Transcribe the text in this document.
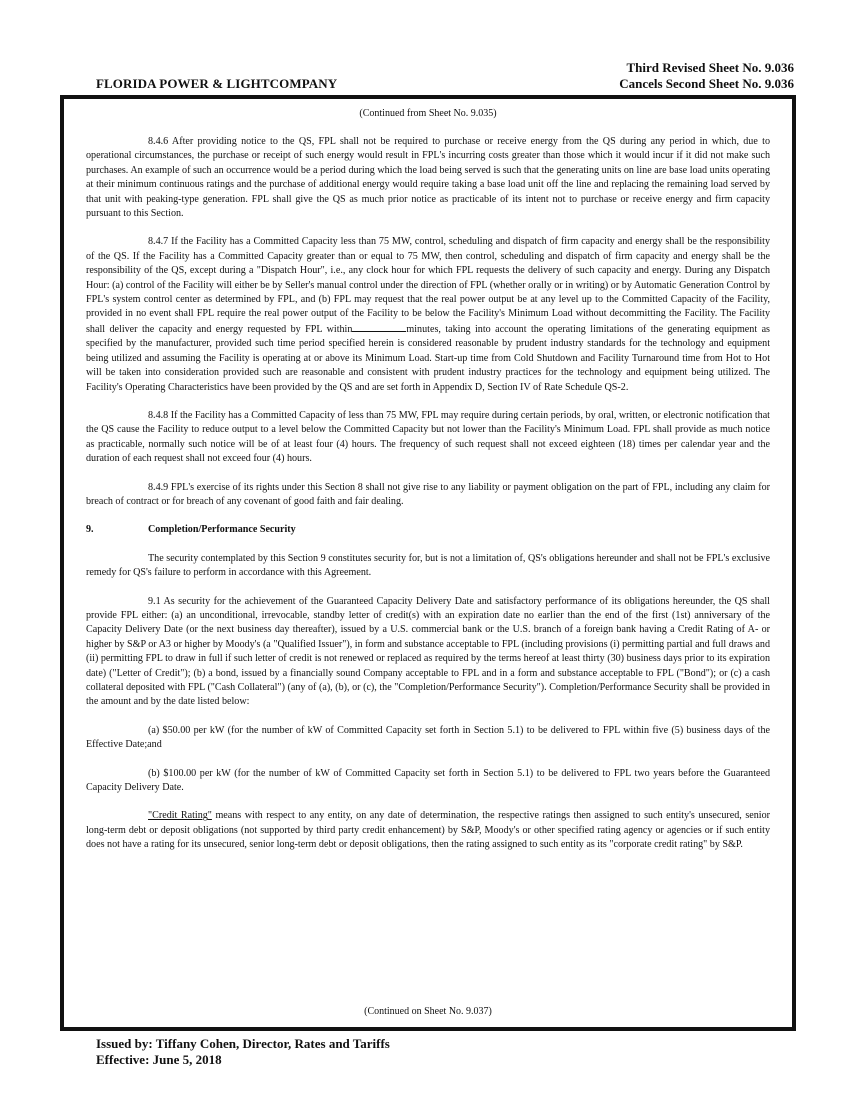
Third Revised Sheet No. 9.036
Cancels Second Sheet No. 9.036
FLORIDA POWER & LIGHTCOMPANY
(Continued from Sheet No. 9.035)

8.4.6 After providing notice to the QS, FPL shall not be required to purchase or receive energy from the QS during any period in which, due to operational circumstances, the purchase or receipt of such energy would result in FPL's incurring costs greater than those which it would incur if it did not make such purchases. An example of such an occurrence would be a period during which the load being served is such that the generating units on line are base load units operating at their minimum continuous ratings and the purchase of additional energy would require taking a base load unit off the line and replacing the remaining load served by that unit with peaking-type generation. FPL shall give the QS as much prior notice as practicable of its intent not to purchase or receive energy and firm capacity pursuant to this Section.

8.4.7 If the Facility has a Committed Capacity less than 75 MW, control, scheduling and dispatch of firm capacity and energy shall be the responsibility of the QS. If the Facility has a Committed Capacity greater than or equal to 75 MW, then control, scheduling and dispatch of firm capacity and energy shall be the responsibility of the QS, except during a "Dispatch Hour", i.e., any clock hour for which FPL requests the delivery of such capacity and energy. During any Dispatch Hour: (a) control of the Facility will either be by Seller's manual control under the direction of FPL (whether orally or in writing) or by Automatic Generation Control by FPL's system control center as determined by FPL, and (b) FPL may request that the real power output be at any level up to the Committed Capacity of the Facility, provided in no event shall FPL require the real power output of the Facility to be below the Facility's Minimum Load without decommitting the Facility. The Facility shall deliver the capacity and energy requested by FPL within	minutes, taking into account the operating limitations of the generating equipment as specified by the manufacturer, provided such time period specified herein is considered reasonable by prudent industry standards for the technology and equipment being utilized and assuming the Facility is operating at or above its Minimum Load. Start-up time from Cold Shutdown and Facility Turnaround time from Hot to Hot will be taken into consideration provided such are reasonable and consistent with prudent industry practices for the technology and equipment being utilized. The Facility's Operating Characteristics have been provided by the QS and are set forth in Appendix D, Section IV of Rate Schedule QS-2.

8.4.8 If the Facility has a Committed Capacity of less than 75 MW, FPL may require during certain periods, by oral, written, or electronic notification that the QS cause the Facility to reduce output to a level below the Committed Capacity but not lower than the Facility's Minimum Load. FPL shall provide as much notice as practicable, normally such notice will be of at least four (4) hours. The frequency of such request shall not exceed eighteen (18) times per calendar year and the duration of each request shall not exceed four (4) hours.

8.4.9 FPL's exercise of its rights under this Section 8 shall not give rise to any liability or payment obligation on the part of FPL, including any claim for breach of contract or for breach of any covenant of good faith and fair dealing.

9.	Completion/Performance Security

The security contemplated by this Section 9 constitutes security for, but is not a limitation of, QS's obligations hereunder and shall not be FPL's exclusive remedy for QS's failure to perform in accordance with this Agreement.

9.1 As security for the achievement of the Guaranteed Capacity Delivery Date and satisfactory performance of its obligations hereunder, the QS shall provide FPL either: (a) an unconditional, irrevocable, standby letter of credit(s) with an expiration date no earlier than the end of the first (1st) anniversary of the Capacity Delivery Date (or the next business day thereafter), issued by a U.S. commercial bank or the U.S. branch of a foreign bank having a Credit Rating of A- or higher by S&P or A3 or higher by Moody's (a "Qualified Issuer"), in form and substance acceptable to FPL (including provisions (i) permitting partial and full draws and (ii) permitting FPL to draw in full if such letter of credit is not renewed or replaced as required by the terms hereof at least thirty (30) business days prior to its expiration date) ("Letter of Credit"); (b) a bond, issued by a financially sound Company acceptable to FPL and in a form and substance acceptable to FPL ("Bond"); or (c) a cash collateral deposited with FPL ("Cash Collateral") (any of (a), (b), or (c), the "Completion/Performance Security"). Completion/Performance Security shall be provided in the amount and by the date listed below:

(a) $50.00 per kW (for the number of kW of Committed Capacity set forth in Section 5.1) to be delivered to FPL within five (5) business days of the Effective Date;and

(b) $100.00 per kW (for the number of kW of Committed Capacity set forth in Section 5.1) to be delivered to FPL two years before the Guaranteed Capacity Delivery Date.

"Credit Rating" means with respect to any entity, on any date of determination, the respective ratings then assigned to such entity's unsecured, senior long-term debt or deposit obligations (not supported by third party credit enhancement) by S&P, Moody's or other specified rating agency or agencies or if such entity does not have a rating for its unsecured, senior long-term debt or deposit obligations, then the rating assigned to such entity as its "corporate credit rating" by S&P.

(Continued on Sheet No. 9.037)
Issued by: Tiffany Cohen, Director, Rates and Tariffs
Effective: June 5, 2018
